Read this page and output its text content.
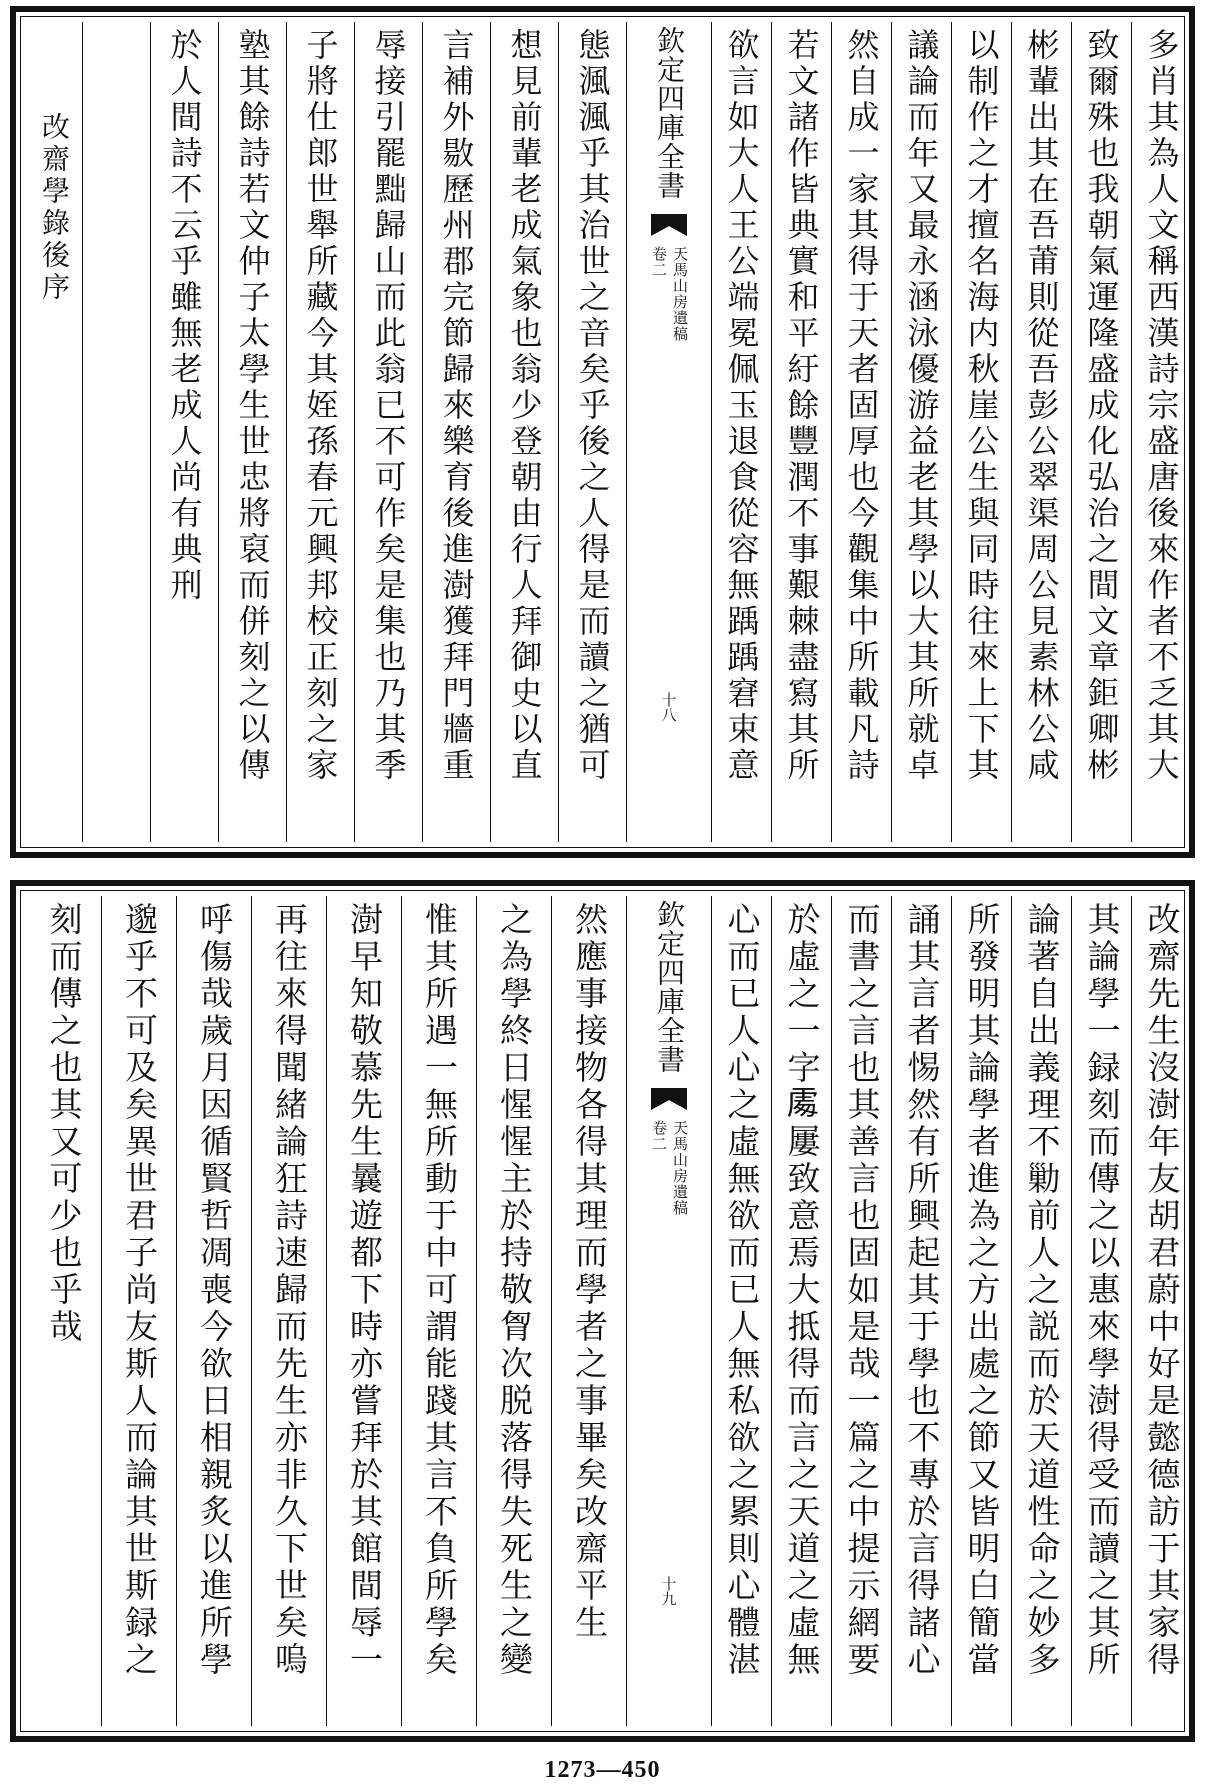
多肖其為人文稱西漢詩宗盛唐後來作者不乏其大
致爾殊也我朝氣運隆盛成化弘治之間文章鉅卿彬
彬輩出其在吾莆則從吾彭公翠渠周公見素林公咸
以制作之才擅名海内秋崖公生與同時往來上下其
議論而年又最永涵泳優游益老其學以大其所就卓
然自成一家其得于天者固厚也今觀集中所載凡詩
若文諸作皆典實和平紆餘豐潤不事艱棘盡寫其所
欲言如大人王公端冕佩玉退食從容無踽踽窘束意
欽定四庫全書
天馬山房遺稿
卷二
十八
態渢渢乎其治世之音矣乎後之人得是而讀之猶可
想見前輩老成氣象也翁少登朝由行人拜御史以直
言補外敭歷州郡完節歸來樂育後進澍獲拜門牆重
辱接引罷黜歸山而此翁已不可作矣是集也乃其季
子將仕郎世舉所藏今其姪孫春元興邦校正刻之家
塾其餘詩若文仲子太學生世忠將裒而併刻之以傳
於人間詩不云乎雖無老成人尚有典刑
改齋學錄後序
改齋先生沒澍年友胡君蔚中好是懿德訪于其家得
其論學一録刻而傳之以惠來學澍得受而讀之其所
論著自出義理不勦前人之説而於天道性命之妙多
所發明其論學者進為之方出處之節又皆明白簡當
誦其言者惕然有所興起其于學也不專於言得諸心
而書之言也其善言也固如是哉一篇之中提示網要
於虛之一字𠁅屢致意焉大抵得而言之天道之虛無
心而已人心之虛無欲而已人無私欲之累則心體湛
欽定四庫全書
天馬山房遺稿
卷二
十九
然應事接物各得其理而學者之事畢矣改齋平生
之為學終日惺惺主於持敬胷次脱落得失死生之變
惟其所遇一無所動于中可謂能踐其言不負所學矣
澍早知敬慕先生曩遊都下時亦嘗拜於其館間辱一
再往來得聞緒論狂詩速歸而先生亦非久下世矣嗚
呼傷哉歲月因循賢哲凋喪今欲日相親炙以進所學
邈乎不可及矣異世君子尚友斯人而論其世斯録之
刻而傳之也其又可少也乎哉
1273—450
